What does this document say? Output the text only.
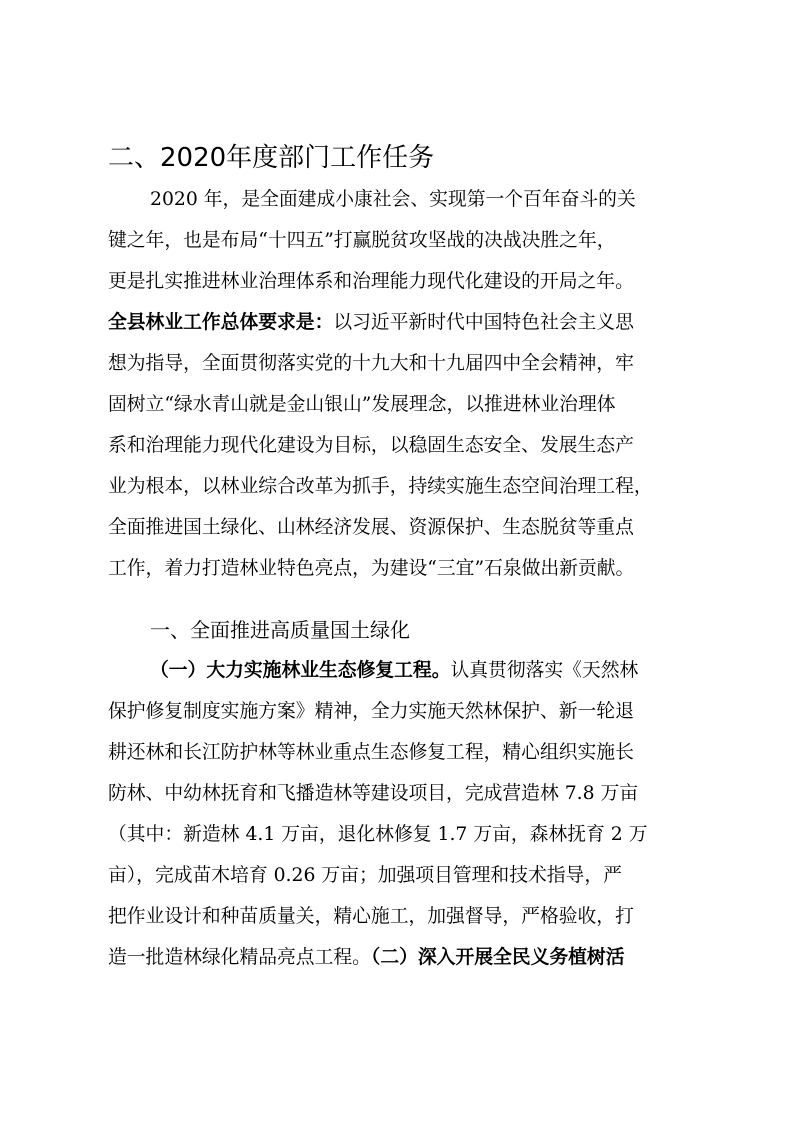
二、2020年度部门工作任务
2020 年，是全面建成小康社会、实现第一个百年奋斗的关
键之年，也是布局“十四五”打赢脱贫攻坚战的决战决胜之年，
更是扎实推进林业治理体系和治理能力现代化建设的开局之年。
全县林业工作总体要求是：以习近平新时代中国特色社会主义思
想为指导，全面贯彻落实党的十九大和十九届四中全会精神，牢
固树立“绿水青山就是金山银山”发展理念，以推进林业治理体
系和治理能力现代化建设为目标，以稳固生态安全、发展生态产
业为根本，以林业综合改革为抓手，持续实施生态空间治理工程，
全面推进国土绿化、山林经济发展、资源保护、生态脱贫等重点
工作，着力打造林业特色亮点，为建设“三宜”石泉做出新贡献。
一、全面推进高质量国土绿化
（一）大力实施林业生态修复工程。认真贯彻落实《天然林
保护修复制度实施方案》精神，全力实施天然林保护、新一轮退
耕还林和长江防护林等林业重点生态修复工程，精心组织实施长
防林、中幼林抚育和飞播造林等建设项目，完成营造林 7.8 万亩
（其中：新造林 4.1 万亩，退化林修复 1.7 万亩，森林抚育 2 万
亩），完成苗木培育 0.26 万亩；加强项目管理和技术指导，严
把作业设计和种苗质量关，精心施工，加强督导，严格验收，打
造一批造林绿化精品亮点工程。（二）深入开展全民义务植树活
